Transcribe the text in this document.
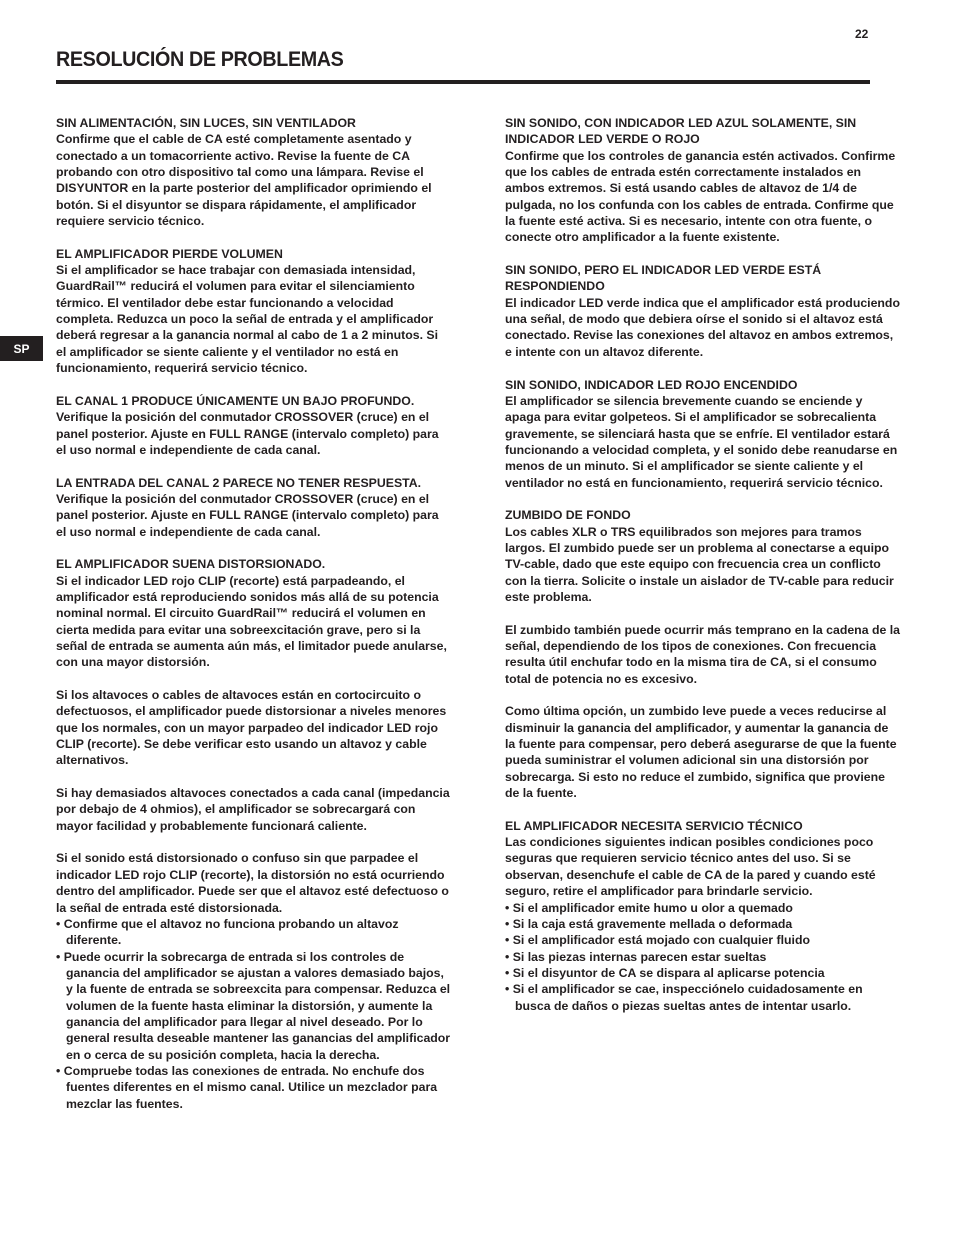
22
RESOLUCIÓN DE PROBLEMAS
SP
SIN ALIMENTACIÓN, SIN LUCES, SIN VENTILADOR

Confirme que el cable de CA esté completamente asentado y conectado a un tomacorriente activo. Revise la fuente de CA probando con otro dispositivo tal como una lámpara. Revise el DISYUNTOR en la parte posterior del amplificador oprimiendo el botón. Si el disyuntor se dispara rápidamente, el amplificador requiere servicio técnico.

EL AMPLIFICADOR PIERDE VOLUMEN

Si el amplificador se hace trabajar con demasiada intensidad, GuardRail™ reducirá el volumen para evitar el silenciamiento térmico. El ventilador debe estar funcionando a velocidad completa. Reduzca un poco la señal de entrada y el amplificador deberá regresar a la ganancia normal al cabo de 1 a 2 minutos. Si el amplificador se siente caliente y el ventilador no está en funcionamiento, requerirá servicio técnico.

EL CANAL 1 PRODUCE ÚNICAMENTE UN BAJO PROFUNDO.

Verifique la posición del conmutador CROSSOVER (cruce) en el panel posterior. Ajuste en FULL RANGE (intervalo completo) para el uso normal e independiente de cada canal.

LA ENTRADA DEL CANAL 2 PARECE NO TENER RESPUESTA.

Verifique la posición del conmutador CROSSOVER (cruce) en el panel posterior. Ajuste en FULL RANGE (intervalo completo) para el uso normal e independiente de cada canal.

EL AMPLIFICADOR SUENA DISTORSIONADO.

Si el indicador LED rojo CLIP (recorte) está parpadeando, el amplificador está reproduciendo sonidos más allá de su potencia nominal normal. El circuito GuardRail™ reducirá el volumen en cierta medida para evitar una sobreexcitación grave, pero si la señal de entrada se aumenta aún más, el limitador puede anularse, con una mayor distorsión.

Si los altavoces o cables de altavoces están en cortocircuito o defectuosos, el amplificador puede distorsionar a niveles menores que los normales, con un mayor parpadeo del indicador LED rojo CLIP (recorte). Se debe verificar esto usando un altavoz y cable alternativos.

Si hay demasiados altavoces conectados a cada canal (impedancia por debajo de 4 ohmios), el amplificador se sobrecargará con mayor facilidad y probablemente funcionará caliente.

Si el sonido está distorsionado o confuso sin que parpadee el indicador LED rojo CLIP (recorte), la distorsión no está ocurriendo dentro del amplificador. Puede ser que el altavoz esté defectuoso o la señal de entrada esté distorsionada.
• Confirme que el altavoz no funciona probando un altavoz diferente.
• Puede ocurrir la sobrecarga de entrada si los controles de ganancia del amplificador se ajustan a valores demasiado bajos, y la fuente de entrada se sobreexcita para compensar. Reduzca el volumen de la fuente hasta eliminar la distorsión, y aumente la ganancia del amplificador para llegar al nivel deseado. Por lo general resulta deseable mantener las ganancias del amplificador en o cerca de su posición completa, hacia la derecha.
• Compruebe todas las conexiones de entrada. No enchufe dos fuentes diferentes en el mismo canal. Utilice un mezclador para mezclar las fuentes.
SIN SONIDO, CON INDICADOR LED AZUL SOLAMENTE, SIN INDICADOR LED VERDE O ROJO

Confirme que los controles de ganancia estén activados. Confirme que los cables de entrada estén correctamente instalados en ambos extremos. Si está usando cables de altavoz de 1/4 de pulgada, no los confunda con los cables de entrada. Confirme que la fuente esté activa. Si es necesario, intente con otra fuente, o conecte otro amplificador a la fuente existente.

SIN SONIDO, PERO EL INDICADOR LED VERDE ESTÁ RESPONDIENDO

El indicador LED verde indica que el amplificador está produciendo una señal, de modo que debiera oírse el sonido si el altavoz está conectado. Revise las conexiones del altavoz en ambos extremos, e intente con un altavoz diferente.

SIN SONIDO, INDICADOR LED ROJO ENCENDIDO

El amplificador se silencia brevemente cuando se enciende y apaga para evitar golpeteos. Si el amplificador se sobrecalienta gravemente, se silenciará hasta que se enfríe. El ventilador estará funcionando a velocidad completa, y el sonido debe reanudarse en menos de un minuto. Si el amplificador se siente caliente y el ventilador no está en funcionamiento, requerirá servicio técnico.

ZUMBIDO DE FONDO

Los cables XLR o TRS equilibrados son mejores para tramos largos. El zumbido puede ser un problema al conectarse a equipo TV-cable, dado que este equipo con frecuencia crea un conflicto con la tierra. Solicite o instale un aislador de TV-cable para reducir este problema.

El zumbido también puede ocurrir más temprano en la cadena de la señal, dependiendo de los tipos de conexiones. Con frecuencia resulta útil enchufar todo en la misma tira de CA, si el consumo total de potencia no es excesivo.

Como última opción, un zumbido leve puede a veces reducirse al disminuir la ganancia del amplificador, y aumentar la ganancia de la fuente para compensar, pero deberá asegurarse de que la fuente pueda suministrar el volumen adicional sin una distorsión por sobrecarga. Si esto no reduce el zumbido, significa que proviene de la fuente.

EL AMPLIFICADOR NECESITA SERVICIO TÉCNICO
Las condiciones siguientes indican posibles condiciones poco seguras que requieren servicio técnico antes del uso. Si se observan, desenchufe el cable de CA de la pared y cuando esté seguro, retire el amplificador para brindarle servicio.
• Si el amplificador emite humo u olor a quemado
• Si la caja está gravemente mellada o deformada
• Si el amplificador está mojado con cualquier fluido
• Si las piezas internas parecen estar sueltas
• Si el disyuntor de CA se dispara al aplicarse potencia
• Si el amplificador se cae, inspecciónelo cuidadosamente en busca de daños o piezas sueltas antes de intentar usarlo.
